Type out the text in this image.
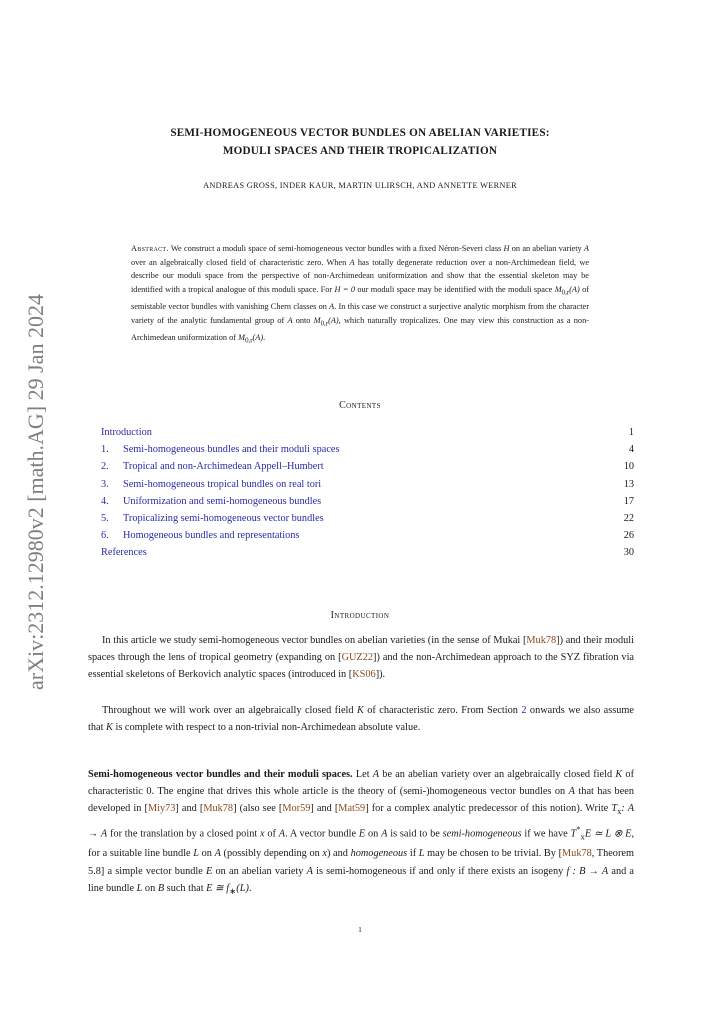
arXiv:2312.12980v2 [math.AG] 29 Jan 2024
SEMI-HOMOGENEOUS VECTOR BUNDLES ON ABELIAN VARIETIES:
MODULI SPACES AND THEIR TROPICALIZATION
ANDREAS GROSS, INDER KAUR, MARTIN ULIRSCH, AND ANNETTE WERNER
Abstract. We construct a moduli space of semi-homogeneous vector bundles with a fixed Néron-Severi class H on an abelian variety A over an algebraically closed field of characteristic zero. When A has totally degenerate reduction over a non-Archimedean field, we describe our moduli space from the perspective of non-Archimedean uniformization and show that the essential skeleton may be identified with a tropical analogue of this moduli space. For H = 0 our moduli space may be identified with the moduli space $M_{0,r}(A)$ of semistable vector bundles with vanishing Chern classes on A. In this case we construct a surjective analytic morphism from the character variety of the analytic fundamental group of A onto $M_{0,r}(A)$, which naturally tropicalizes. One may view this construction as a non-Archimedean uniformization of $M_{0,r}(A)$.
Contents
Introduction	1
1. Semi-homogeneous bundles and their moduli spaces	4
2. Tropical and non-Archimedean Appell–Humbert	10
3. Semi-homogeneous tropical bundles on real tori	13
4. Uniformization and semi-homogeneous bundles	17
5. Tropicalizing semi-homogeneous vector bundles	22
6. Homogeneous bundles and representations	26
References	30
Introduction
In this article we study semi-homogeneous vector bundles on abelian varieties (in the sense of Mukai [Muk78]) and their moduli spaces through the lens of tropical geometry (expanding on [GUZ22]) and the non-Archimedean approach to the SYZ fibration via essential skeletons of Berkovich analytic spaces (introduced in [KS06]).
Throughout we will work over an algebraically closed field K of characteristic zero. From Section 2 onwards we also assume that K is complete with respect to a non-trivial non-Archimedean absolute value.
Semi-homogeneous vector bundles and their moduli spaces. Let A be an abelian variety over an algebraically closed field K of characteristic 0. The engine that drives this whole article is the theory of (semi-)homogeneous vector bundles on A that has been developed in [Miy73] and [Muk78] (also see [Mor59] and [Mat59] for a complex analytic predecessor of this notion). Write $T_x$: A → A for the translation by a closed point x of A. A vector bundle E on A is said to be semi-homogeneous if we have $T^*_xE$ ≃ L ⊗ E, for a suitable line bundle L on A (possibly depending on x) and homogeneous if L may be chosen to be trivial. By [Muk78, Theorem 5.8] a simple vector bundle E on an abelian variety A is semi-homogeneous if and only if there exists an isogeny f : B → A and a line bundle L on B such that E ≅ $f_∗(L)$.
1
